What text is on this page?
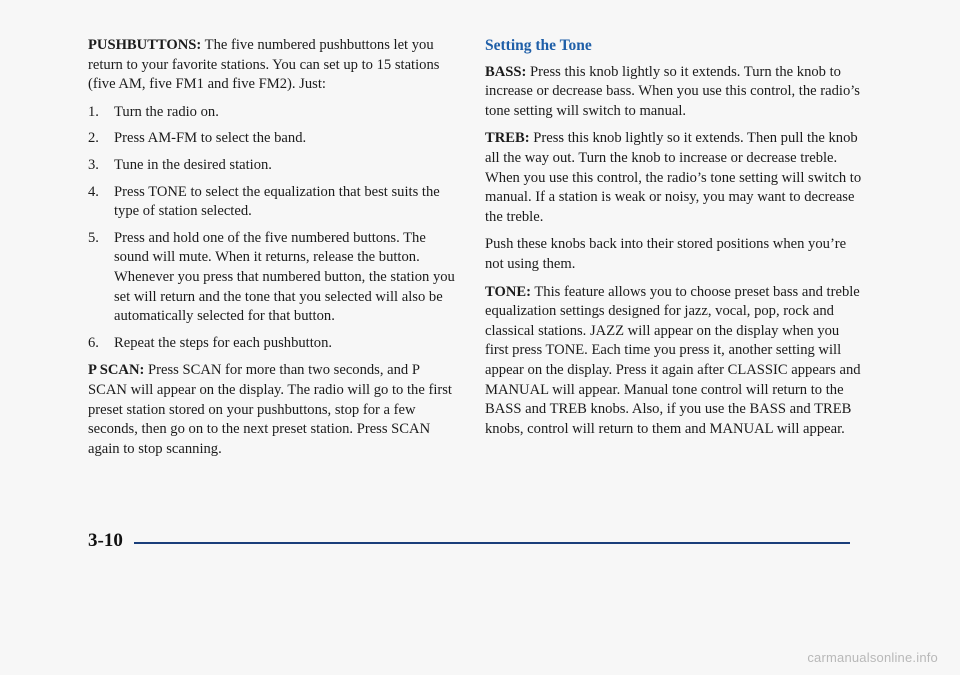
PUSHBUTTONS: The five numbered pushbuttons let you return to your favorite stations. You can set up to 15 stations (five AM, five FM1 and five FM2). Just:

1. Turn the radio on.
2. Press AM-FM to select the band.
3. Tune in the desired station.
4. Press TONE to select the equalization that best suits the type of station selected.
5. Press and hold one of the five numbered buttons. The sound will mute. When it returns, release the button. Whenever you press that numbered button, the station you set will return and the tone that you selected will also be automatically selected for that button.
6. Repeat the steps for each pushbutton.

P SCAN: Press SCAN for more than two seconds, and P SCAN will appear on the display. The radio will go to the first preset station stored on your pushbuttons, stop for a few seconds, then go on to the next preset station. Press SCAN again to stop scanning.

Setting the Tone

BASS: Press this knob lightly so it extends. Turn the knob to increase or decrease bass. When you use this control, the radio’s tone setting will switch to manual.

TREB: Press this knob lightly so it extends. Then pull the knob all the way out. Turn the knob to increase or decrease treble. When you use this control, the radio’s tone setting will switch to manual. If a station is weak or noisy, you may want to decrease the treble.

Push these knobs back into their stored positions when you’re not using them.

TONE: This feature allows you to choose preset bass and treble equalization settings designed for jazz, vocal, pop, rock and classical stations. JAZZ will appear on the display when you first press TONE. Each time you press it, another setting will appear on the display. Press it again after CLASSIC appears and MANUAL will appear. Manual tone control will return to the BASS and TREB knobs. Also, if you use the BASS and TREB knobs, control will return to them and MANUAL will appear.

3-10
carmanualsonline.info
